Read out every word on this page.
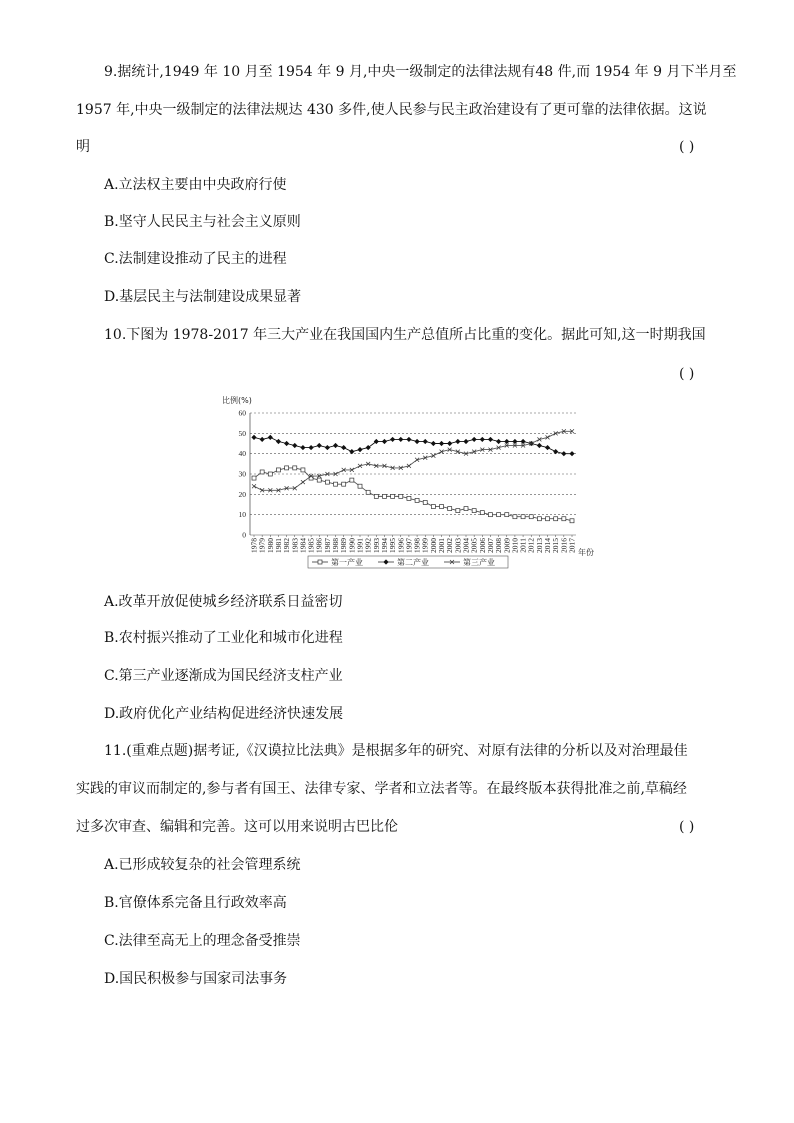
9.据统计,1949 年 10 月至 1954 年 9 月,中央一级制定的法律法规有48 件,而 1954 年 9 月下半月至
1957 年,中央一级制定的法律法规达 430 多件,使人民参与民主政治建设有了更可靠的法律依据。这说
明	( )
A.立法权主要由中央政府行使
B.坚守人民民主与社会主义原则
C.法制建设推动了民主的进程
D.基层民主与法制建设成果显著
10.下图为 1978-2017 年三大产业在我国国内生产总值所占比重的变化。据此可知,这一时期我国
( )
比例(%)
0
10
20
30
40
50
60
1978 1979 1980 1981 1982 1983 1984 1985 1986 1987 1988 1989 1990 1991 1992 1993 1994 1995 1996 1997 1998 1999 2000 2001 2002 2003 2004 2005 2006 2007 2008 2009 2010 2011 2012 2013 2014 2015 2016 2017 年份
第一产业	第二产业	第三产业
A.改革开放促使城乡经济联系日益密切
B.农村振兴推动了工业化和城市化进程
C.第三产业逐渐成为国民经济支柱产业
D.政府优化产业结构促进经济快速发展
11.(重难点题)据考证,《汉谟拉比法典》是根据多年的研究、对原有法律的分析以及对治理最佳
实践的审议而制定的,参与者有国王、法律专家、学者和立法者等。在最终版本获得批准之前,草稿经
过多次审查、编辑和完善。这可以用来说明古巴比伦	( )
A.已形成较复杂的社会管理系统
B.官僚体系完备且行政效率高
C.法律至高无上的理念备受推崇
D.国民积极参与国家司法事务
